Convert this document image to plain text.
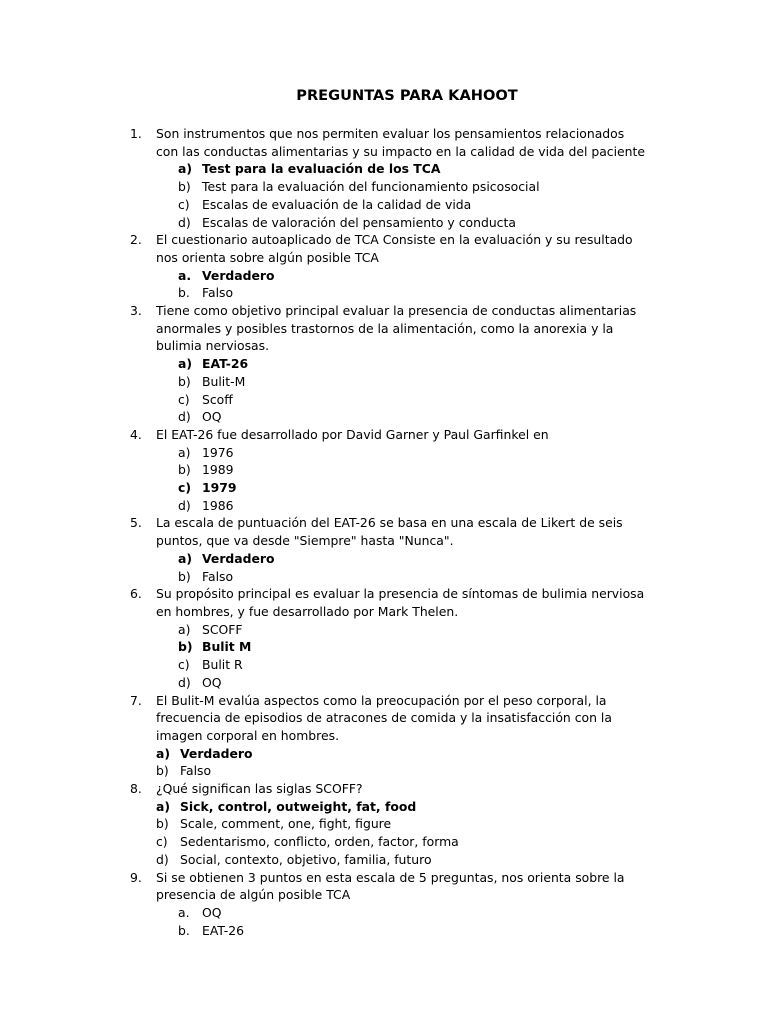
PREGUNTAS PARA KAHOOT
1.	Son instrumentos que nos permiten evaluar los pensamientos relacionados con las conductas alimentarias y su impacto en la calidad de vida del paciente
a) Test para la evaluación de los TCA
b) Test para la evaluación del funcionamiento psicosocial
c) Escalas de evaluación de la calidad de vida
d) Escalas de valoración del pensamiento y conducta
2.	El cuestionario autoaplicado de TCA Consiste en la evaluación y su resultado nos orienta sobre algún posible TCA
a. Verdadero
b. Falso
3.	Tiene como objetivo principal evaluar la presencia de conductas alimentarias anormales y posibles trastornos de la alimentación, como la anorexia y la bulimia nerviosas.
a) EAT-26
b) Bulit-M
c) Scoff
d) OQ
4.	El EAT-26 fue desarrollado por David Garner y Paul Garfinkel en
a) 1976
b) 1989
c) 1979
d) 1986
5.	La escala de puntuación del EAT-26 se basa en una escala de Likert de seis puntos, que va desde "Siempre" hasta "Nunca".
a) Verdadero
b) Falso
6.	Su propósito principal es evaluar la presencia de síntomas de bulimia nerviosa en hombres, y fue desarrollado por Mark Thelen.
a) SCOFF
b) Bulit M
c) Bulit R
d) OQ
7.	El Bulit-M evalúa aspectos como la preocupación por el peso corporal, la frecuencia de episodios de atracones de comida y la insatisfacción con la imagen corporal en hombres.
a) Verdadero
b) Falso
8.	¿Qué significan las siglas SCOFF?
a) Sick, control, outweight, fat, food
b) Scale, comment, one, fight, figure
c) Sedentarismo, conflicto, orden, factor, forma
d) Social, contexto, objetivo, familia, futuro
9.	Si se obtienen 3 puntos en esta escala de 5 preguntas, nos orienta sobre la presencia de algún posible TCA
a. OQ
b. EAT-26
